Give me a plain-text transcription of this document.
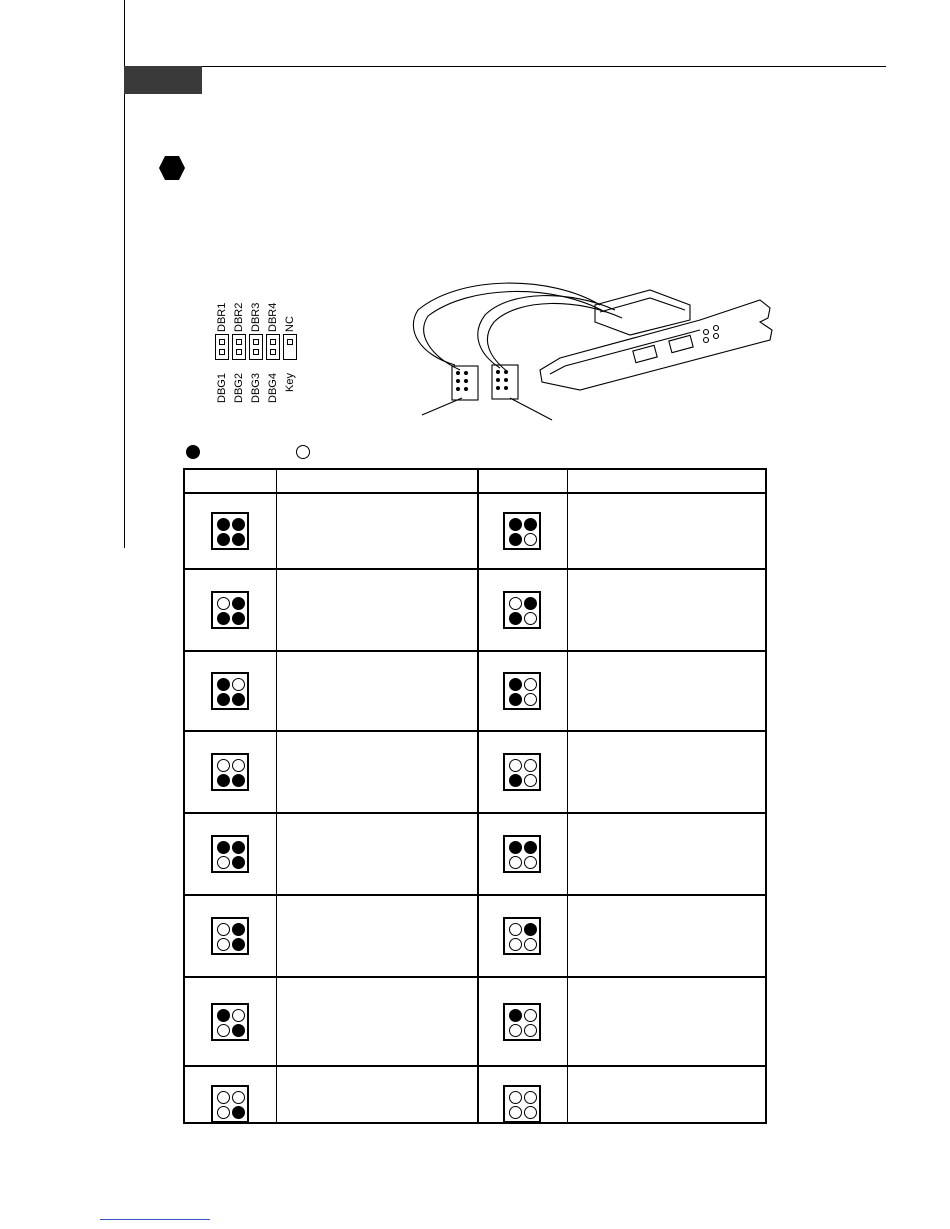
DBR1
DBG1
DBR2
DBG2
DBR3
DBG3
DBR4
DBG4
NC
Key
